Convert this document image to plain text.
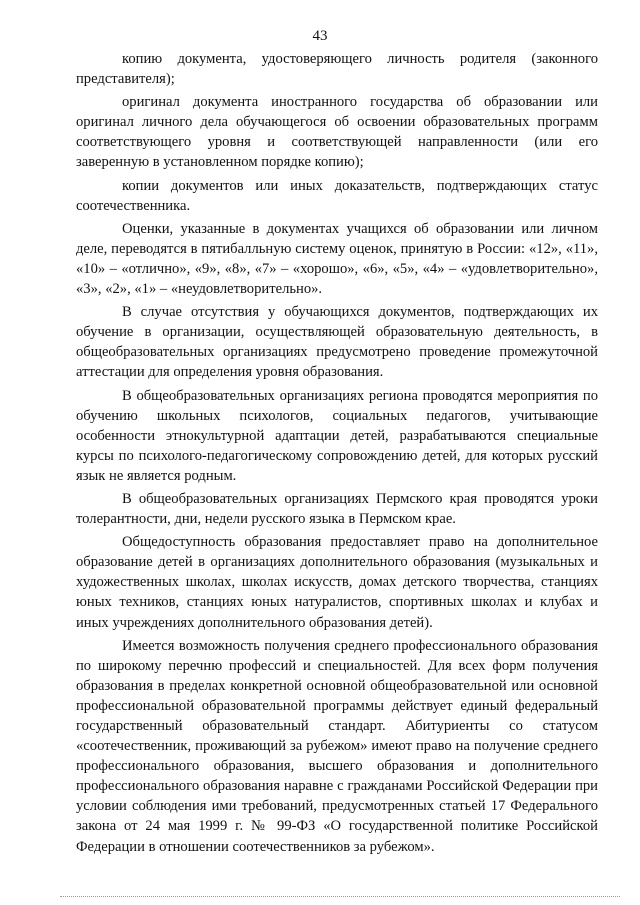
43

копию документа, удостоверяющего личность родителя (законного представителя);

оригинал документа иностранного государства об образовании или оригинал личного дела обучающегося об освоении образовательных программ соответствующего уровня и соответствующей направленности (или его заверенную в установленном порядке копию);

копии документов или иных доказательств, подтверждающих статус соотечественника.

Оценки, указанные в документах учащихся об образовании или личном деле, переводятся в пятибалльную систему оценок, принятую в России: «12», «11», «10» – «отлично», «9», «8», «7» – «хорошо», «6», «5», «4» – «удовлетворительно», «3», «2», «1» – «неудовлетворительно».

В случае отсутствия у обучающихся документов, подтверждающих их обучение в организации, осуществляющей образовательную деятельность, в общеобразовательных организациях предусмотрено проведение промежуточной аттестации для определения уровня образования.

В общеобразовательных организациях региона проводятся мероприятия по обучению школьных психологов, социальных педагогов, учитывающие особенности этнокультурной адаптации детей, разрабатываются специальные курсы по психолого-педагогическому сопровождению детей, для которых русский язык не является родным.

В общеобразовательных организациях Пермского края проводятся уроки толерантности, дни, недели русского языка в Пермском крае.

Общедоступность образования предоставляет право на дополнительное образование детей в организациях дополнительного образования (музыкальных и художественных школах, школах искусств, домах детского творчества, станциях юных техников, станциях юных натуралистов, спортивных школах и клубах и иных учреждениях дополнительного образования детей).

Имеется возможность получения среднего профессионального образования по широкому перечню профессий и специальностей. Для всех форм получения образования в пределах конкретной основной общеобразовательной или основной профессиональной образовательной программы действует единый федеральный государственный образовательный стандарт. Абитуриенты со статусом «соотечественник, проживающий за рубежом» имеют право на получение среднего профессионального образования, высшего образования и дополнительного профессионального образования наравне с гражданами Российской Федерации при условии соблюдения ими требований, предусмотренных статьей 17 Федерального закона от 24 мая 1999 г. № 99-ФЗ «О государственной политике Российской Федерации в отношении соотечественников за рубежом».
